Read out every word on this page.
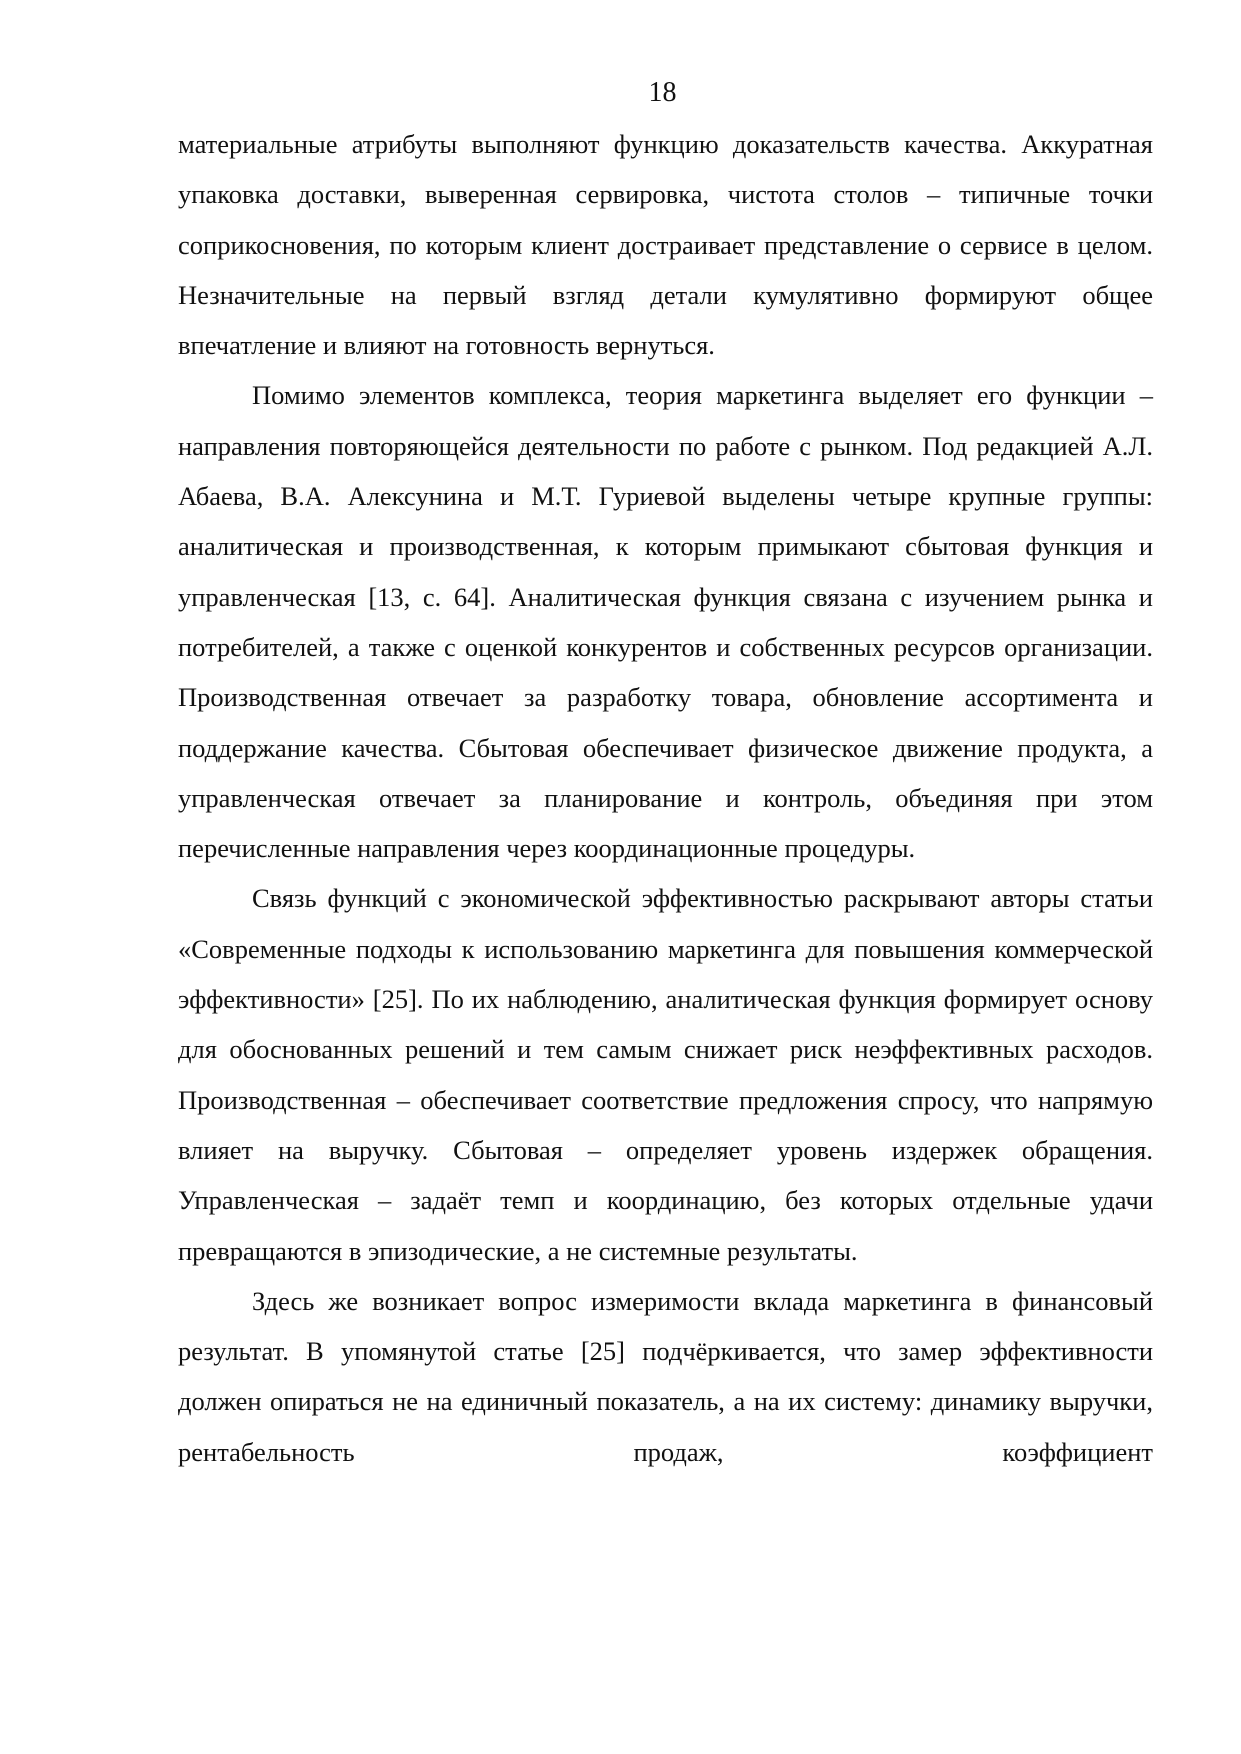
18

материальные атрибуты выполняют функцию доказательств качества. Аккуратная упаковка доставки, выверенная сервировка, чистота столов – типичные точки соприкосновения, по которым клиент достраивает представление о сервисе в целом. Незначительные на первый взгляд детали кумулятивно формируют общее впечатление и влияют на готовность вернуться.

Помимо элементов комплекса, теория маркетинга выделяет его функции – направления повторяющейся деятельности по работе с рынком. Под редакцией А.Л. Абаева, В.А. Алексунина и М.Т. Гуриевой выделены четыре крупные группы: аналитическая и производственная, к которым примыкают сбытовая функция и управленческая [13, с. 64]. Аналитическая функция связана с изучением рынка и потребителей, а также с оценкой конкурентов и собственных ресурсов организации. Производственная отвечает за разработку товара, обновление ассортимента и поддержание качества. Сбытовая обеспечивает физическое движение продукта, а управленческая отвечает за планирование и контроль, объединяя при этом перечисленные направления через координационные процедуры.

Связь функций с экономической эффективностью раскрывают авторы статьи «Современные подходы к использованию маркетинга для повышения коммерческой эффективности» [25]. По их наблюдению, аналитическая функция формирует основу для обоснованных решений и тем самым снижает риск неэффективных расходов. Производственная – обеспечивает соответствие предложения спросу, что напрямую влияет на выручку. Сбытовая – определяет уровень издержек обращения. Управленческая – задаёт темп и координацию, без которых отдельные удачи превращаются в эпизодические, а не системные результаты.

Здесь же возникает вопрос измеримости вклада маркетинга в финансовый результат. В упомянутой статье [25] подчёркивается, что замер эффективности должен опираться не на единичный показатель, а на их систему: динамику выручки, рентабельность продаж, коэффициент
